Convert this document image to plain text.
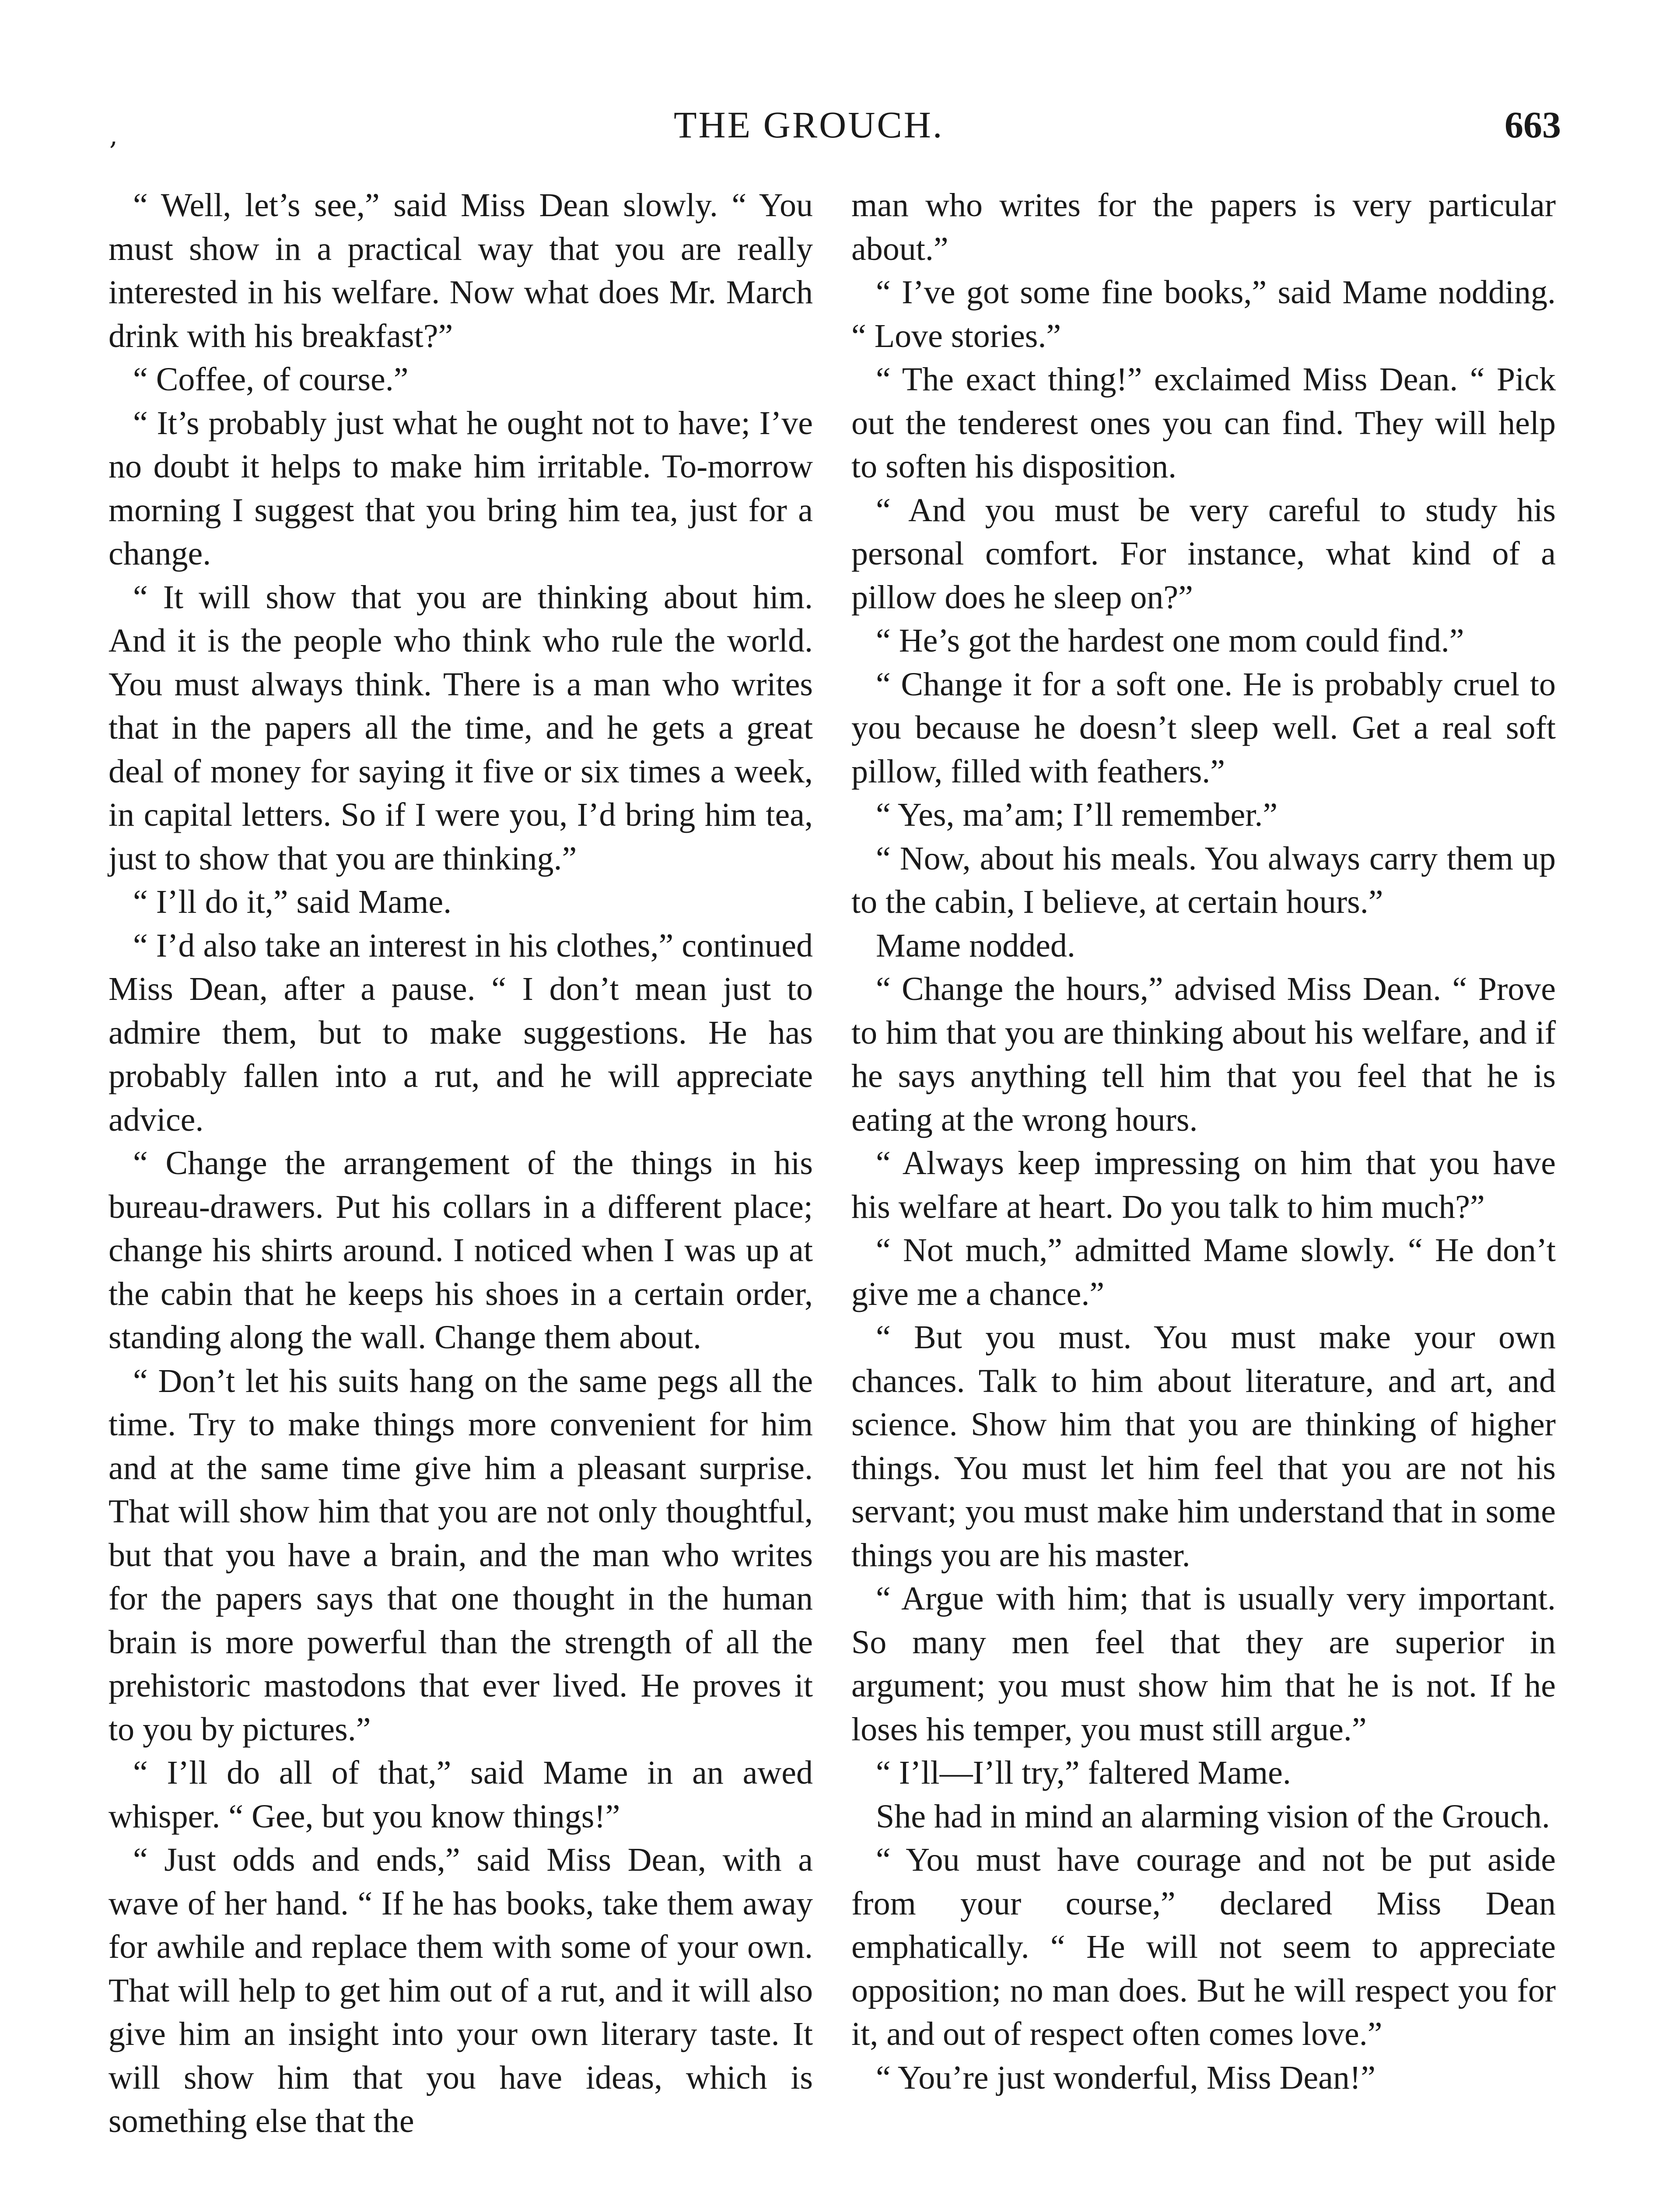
,	THE GROUCH.	663

“ Well, let’s see,” said Miss Dean slowly. “ You must show in a practical way that you are really interested in his welfare. Now what does Mr. March drink with his breakfast?”

“ Coffee, of course.”

“ It’s probably just what he ought not to have; I’ve no doubt it helps to make him irritable. To-morrow morning I suggest that you bring him tea, just for a change.

“ It will show that you are thinking about him. And it is the people who think who rule the world. You must always think. There is a man who writes that in the papers all the time, and he gets a great deal of money for saying it five or six times a week, in capital letters. So if I were you, I’d bring him tea, just to show that you are thinking.”

“ I’ll do it,” said Mame.

“ I’d also take an interest in his clothes,” continued Miss Dean, after a pause. “ I don’t mean just to admire them, but to make suggestions. He has probably fallen into a rut, and he will appreciate advice.

“ Change the arrangement of the things in his bureau-drawers. Put his collars in a different place; change his shirts around. I noticed when I was up at the cabin that he keeps his shoes in a certain order, standing along the wall. Change them about.

“ Don’t let his suits hang on the same pegs all the time. Try to make things more convenient for him and at the same time give him a pleasant surprise. That will show him that you are not only thoughtful, but that you have a brain, and the man who writes for the papers says that one thought in the human brain is more powerful than the strength of all the prehistoric mastodons that ever lived. He proves it to you by pictures.”

“ I’ll do all of that,” said Mame in an awed whisper. “ Gee, but you know things!”

“ Just odds and ends,” said Miss Dean, with a wave of her hand. “ If he has books, take them away for awhile and replace them with some of your own. That will help to get him out of a rut, and it will also give him an insight into your own literary taste. It will show him that you have ideas, which is something else that the

man who writes for the papers is very particular about.”

“ I’ve got some fine books,” said Mame nodding. “ Love stories.”

“ The exact thing!” exclaimed Miss Dean. “ Pick out the tenderest ones you can find. They will help to soften his disposition.

“ And you must be very careful to study his personal comfort. For instance, what kind of a pillow does he sleep on?”

“ He’s got the hardest one mom could find.”

“ Change it for a soft one. He is probably cruel to you because he doesn’t sleep well. Get a real soft pillow, filled with feathers.”

“ Yes, ma’am; I’ll remember.”

“ Now, about his meals. You always carry them up to the cabin, I believe, at certain hours.”

Mame nodded.

“ Change the hours,” advised Miss Dean. “ Prove to him that you are thinking about his welfare, and if he says anything tell him that you feel that he is eating at the wrong hours.

“ Always keep impressing on him that you have his welfare at heart. Do you talk to him much?”

“ Not much,” admitted Mame slowly. “ He don’t give me a chance.”

“ But you must. You must make your own chances. Talk to him about literature, and art, and science. Show him that you are thinking of higher things. You must let him feel that you are not his servant; you must make him understand that in some things you are his master.

“ Argue with him; that is usually very important. So many men feel that they are superior in argument; you must show him that he is not. If he loses his temper, you must still argue.”

“ I’ll—I’ll try,” faltered Mame.

She had in mind an alarming vision of the Grouch.

“ You must have courage and not be put aside from your course,” declared Miss Dean emphatically. “ He will not seem to appreciate opposition; no man does. But he will respect you for it, and out of respect often comes love.”

“ You’re just wonderful, Miss Dean!”
